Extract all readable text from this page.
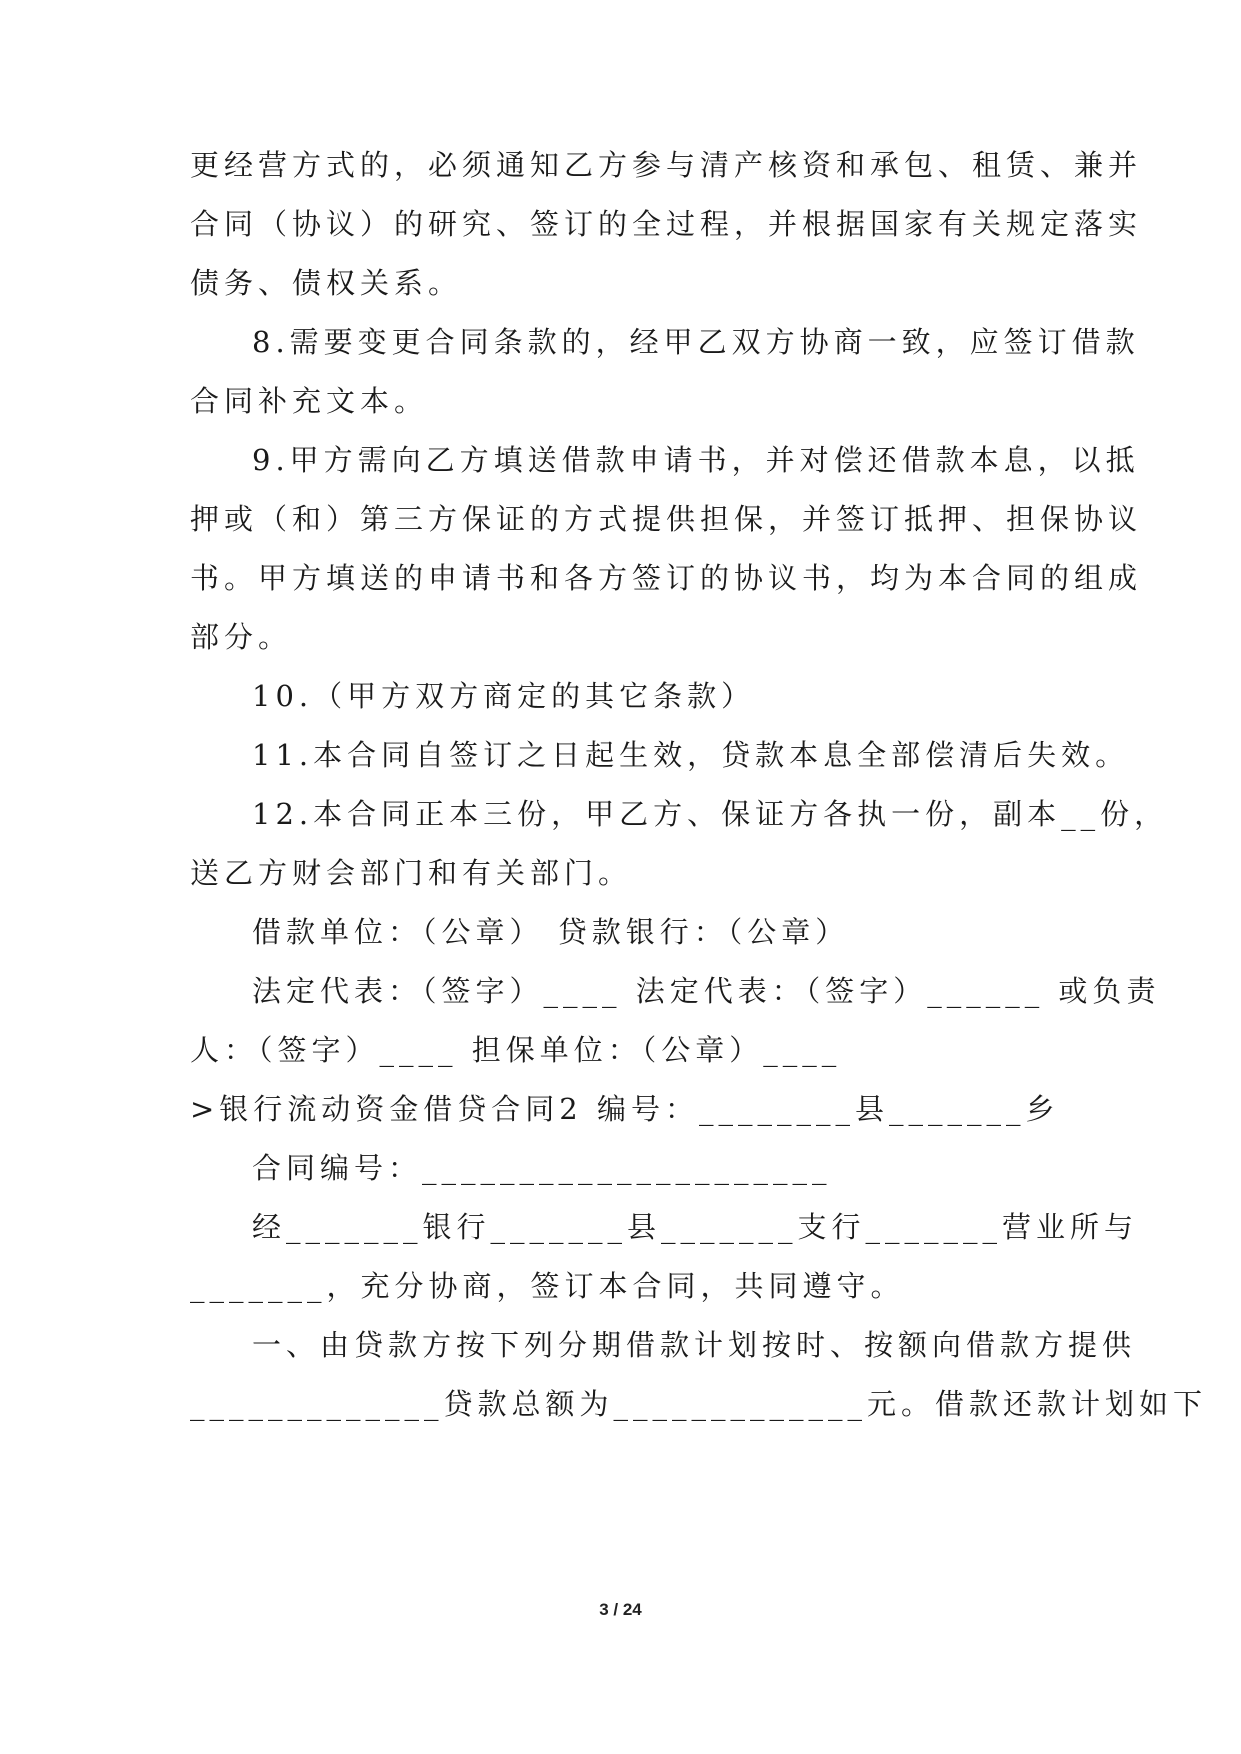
更经营方式的，必须通知乙方参与清产核资和承包、租赁、兼并
合同（协议）的研究、签订的全过程，并根据国家有关规定落实
债务、债权关系。
8.需要变更合同条款的，经甲乙双方协商一致，应签订借款
合同补充文本。
9.甲方需向乙方填送借款申请书，并对偿还借款本息，以抵
押或（和）第三方保证的方式提供担保，并签订抵押、担保协议
书。甲方填送的申请书和各方签订的协议书，均为本合同的组成
部分。
10.（甲方双方商定的其它条款）
11.本合同自签订之日起生效，贷款本息全部偿清后失效。
12.本合同正本三份，甲乙方、保证方各执一份，副本__份，
送乙方财会部门和有关部门。
借款单位：（公章） 贷款银行：（公章）
法定代表：（签字）____ 法定代表：（签字）______ 或负责
人：（签字）____ 担保单位：（公章）____
>银行流动资金借贷合同2 编号：________县_______乡
合同编号：_____________________
经_______银行_______县_______支行_______营业所与
_______，充分协商，签订本合同，共同遵守。
一、由贷款方按下列分期借款计划按时、按额向借款方提供
_____________贷款总额为_____________元。借款还款计划如下
3 / 24
